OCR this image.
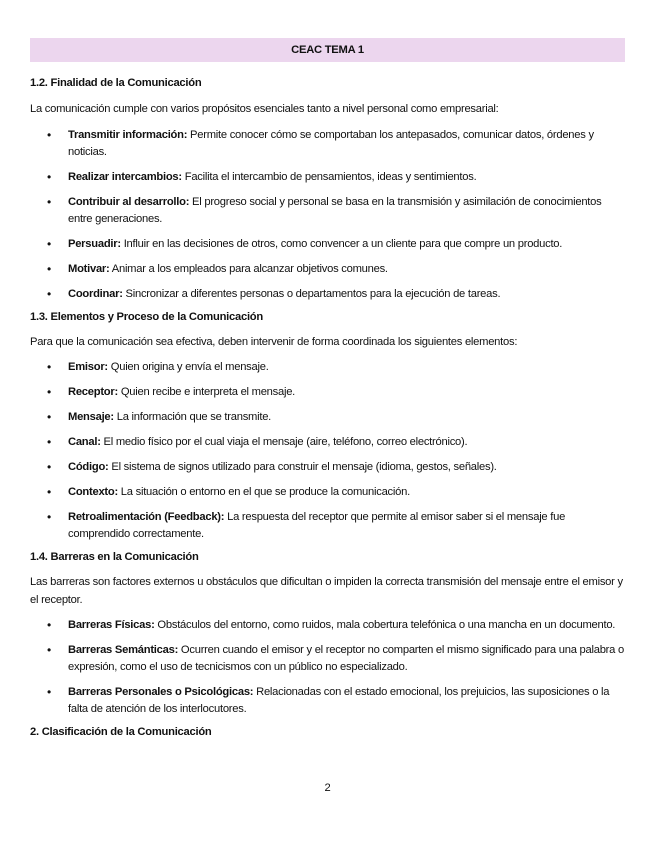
CEAC TEMA 1

1.2. Finalidad de la Comunicación

La comunicación cumple con varios propósitos esenciales tanto a nivel personal como empresarial:

• Transmitir información: Permite conocer cómo se comportaban los antepasados, comunicar datos, órdenes y noticias.
• Realizar intercambios: Facilita el intercambio de pensamientos, ideas y sentimientos.
• Contribuir al desarrollo: El progreso social y personal se basa en la transmisión y asimilación de conocimientos entre generaciones.
• Persuadir: Influir en las decisiones de otros, como convencer a un cliente para que compre un producto.
• Motivar: Animar a los empleados para alcanzar objetivos comunes.
• Coordinar: Sincronizar a diferentes personas o departamentos para la ejecución de tareas.

1.3. Elementos y Proceso de la Comunicación

Para que la comunicación sea efectiva, deben intervenir de forma coordinada los siguientes elementos:

• Emisor: Quien origina y envía el mensaje.
• Receptor: Quien recibe e interpreta el mensaje.
• Mensaje: La información que se transmite.
• Canal: El medio físico por el cual viaja el mensaje (aire, teléfono, correo electrónico).
• Código: El sistema de signos utilizado para construir el mensaje (idioma, gestos, señales).
• Contexto: La situación o entorno en el que se produce la comunicación.
• Retroalimentación (Feedback): La respuesta del receptor que permite al emisor saber si el mensaje fue comprendido correctamente.

1.4. Barreras en la Comunicación

Las barreras son factores externos u obstáculos que dificultan o impiden la correcta transmisión del mensaje entre el emisor y el receptor.

• Barreras Físicas: Obstáculos del entorno, como ruidos, mala cobertura telefónica o una mancha en un documento.
• Barreras Semánticas: Ocurren cuando el emisor y el receptor no comparten el mismo significado para una palabra o expresión, como el uso de tecnicismos con un público no especializado.
• Barreras Personales o Psicológicas: Relacionadas con el estado emocional, los prejuicios, las suposiciones o la falta de atención de los interlocutores.

2. Clasificación de la Comunicación

2
